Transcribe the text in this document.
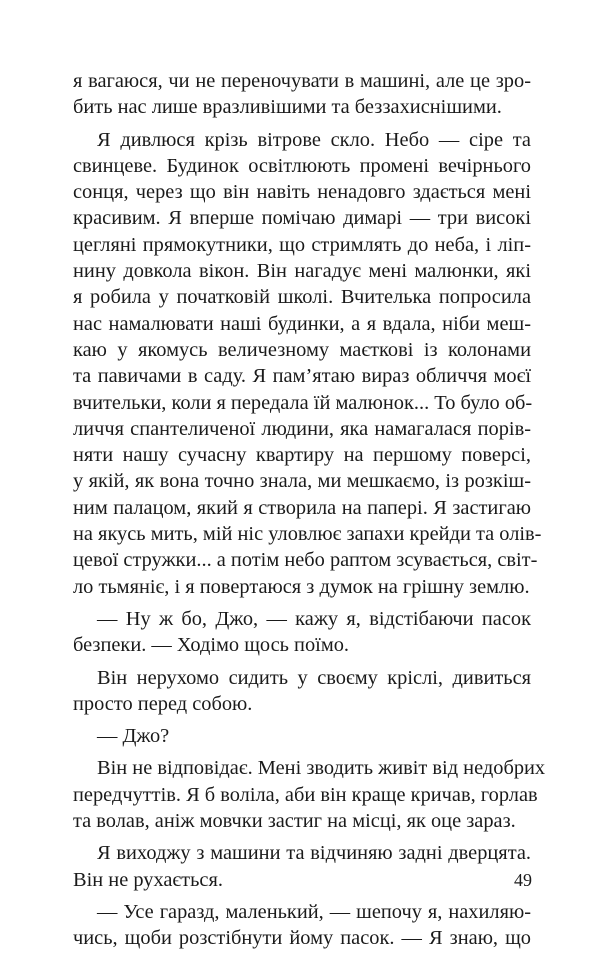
я вагаюся, чи не переночувати в машині, але це зро-
бить нас лише вразливішими та беззахиснішими.
Я дивлюся крізь вітрове скло. Небо — сіре та
свинцеве. Будинок освітлюють промені вечірнього
сонця, через що він навіть ненадовго здається мені
красивим. Я вперше помічаю димарі — три високі
цегляні прямокутники, що стримлять до неба, і ліп-
нину довкола вікон. Він нагадує мені малюнки, які
я робила у початковій школі. Вчителька попросила
нас намалювати наші будинки, а я вдала, ніби меш-
каю у якомусь величезному маєткові із колонами
та павичами в саду. Я пам’ятаю вираз обличчя моєї
вчительки, коли я передала їй малюнок... То було об-
личчя спантеличеної людини, яка намагалася порів-
няти нашу сучасну квартиру на першому поверсі,
у якій, як вона точно знала, ми мешкаємо, із розкіш-
ним палацом, який я створила на папері. Я застигаю
на якусь мить, мій ніс уловлює запахи крейди та олів-
цевої стружки... а потім небо раптом зсувається, світ-
ло тьмяніє, і я повертаюся з думок на грішну землю.
— Ну ж бо, Джо, — кажу я, відстібаючи пасок
безпеки. — Ходімо щось поїмо.
Він нерухомо сидить у своєму кріслі, дивиться
просто перед собою.
— Джо?
Він не відповідає. Мені зводить живіт від недобрих
передчуттів. Я б воліла, аби він краще кричав, горлав
та волав, аніж мовчки застиг на місці, як оце зараз.
Я виходжу з машини та відчиняю задні дверцята.
Він не рухається.
— Усе гаразд, маленький, — шепочу я, нахиляю-
чись, щоби розстібнути йому пасок. — Я знаю, що
49
